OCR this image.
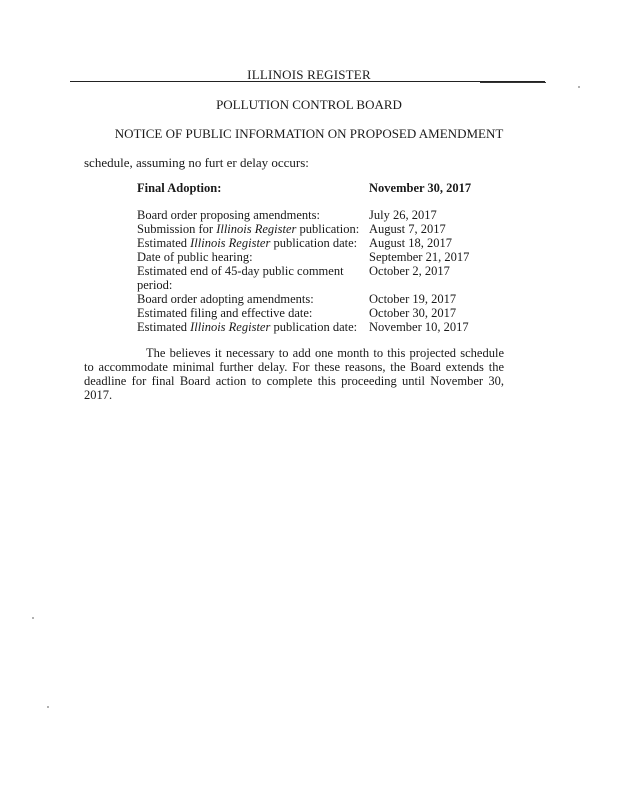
ILLINOIS REGISTER
POLLUTION CONTROL BOARD
NOTICE OF PUBLIC INFORMATION ON PROPOSED AMENDMENT
schedule, assuming no furt er delay occurs:
Final Adoption:	November 30, 2017
Board order proposing amendments:	July 26, 2017
Submission for Illinois Register publication: August 7, 2017
Estimated Illinois Register publication date: August 18, 2017
Date of public hearing:	September 21, 2017
Estimated end of 45-day public comment period:
October 2, 2017
Board order adopting amendments:	October 19, 2017
Estimated filing and effective date:	October 30, 2017
Estimated Illinois Register publication date: November 10, 2017
The believes it necessary to add one month to this projected schedule to accommodate minimal further delay. For these reasons, the Board extends the deadline for final Board action to complete this proceeding until November 30, 2017.
